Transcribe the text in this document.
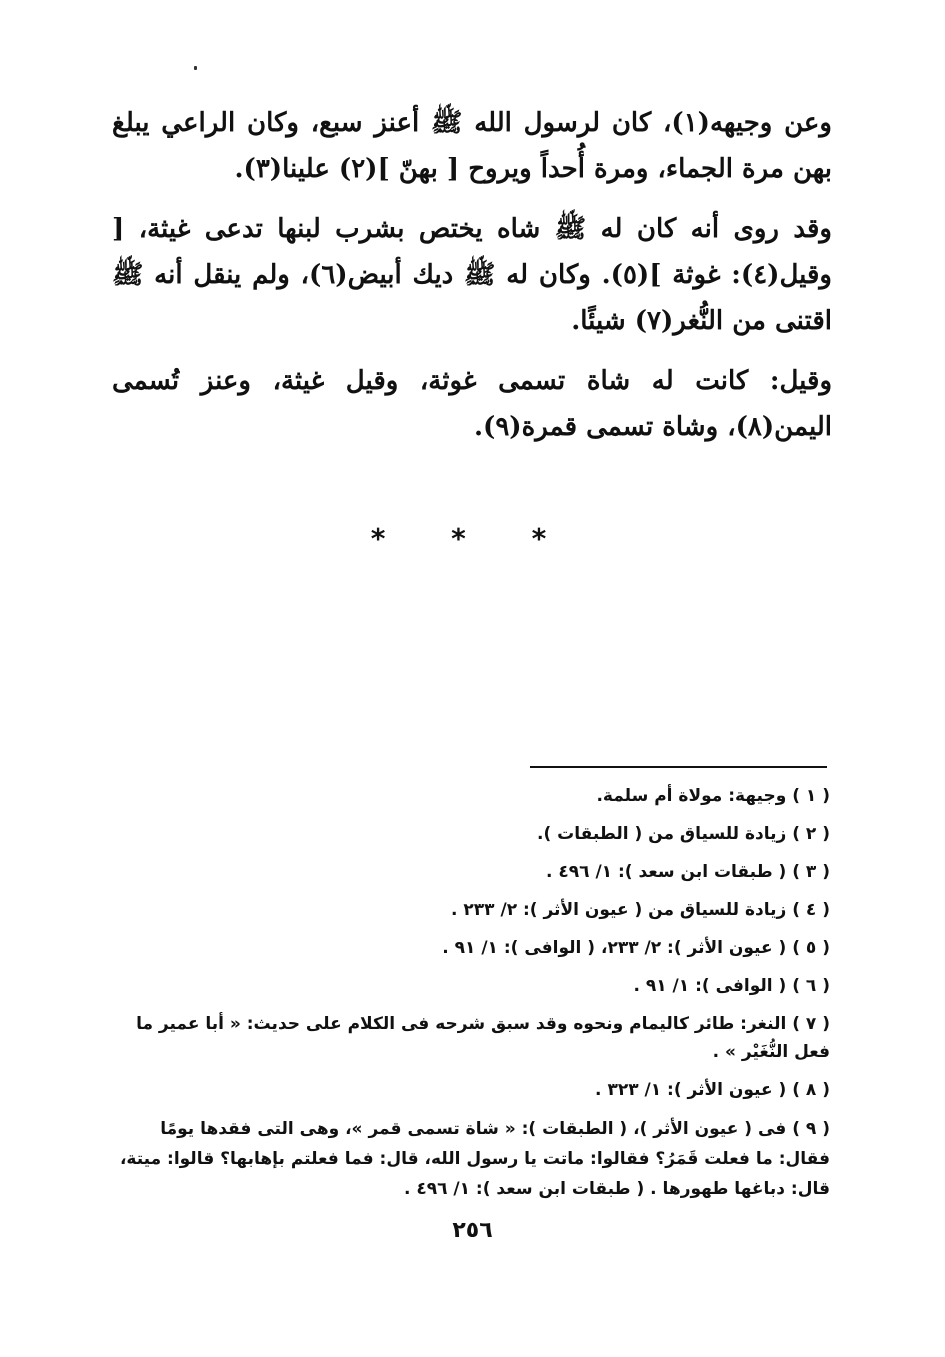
وعن وجيهه(١)، كان لرسول الله ﷺ أعنز سبع، وكان الراعي يبلغ بهن مرة الجماء، ومرة أُحداً ويروح [ بهنّ ](٢) علينا(٣).

وقد روى أنه كان له ﷺ شاه يختص بشرب لبنها تدعى غيثة، [ وقيل(٤): غوثة ](٥). وكان له ﷺ ديك أبيض(٦)، ولم ينقل أنه ﷺ اقتنى من النُّغر(٧) شيئًا.

وقيل: كانت له شاة تسمى غوثة، وقيل غيثة، وعنز تُسمى اليمن(٨)، وشاة تسمى قمرة(٩).

* * *
( ١ ) وجيهة: مولاة أم سلمة.
( ٢ ) زيادة للسياق من ( الطبقات ).
( ٣ ) ( طبقات ابن سعد ): ١/ ٤٩٦ .
( ٤ ) زيادة للسياق من ( عيون الأثر ): ٢/ ٢٣٣ .
( ٥ ) ( عيون الأثر ): ٢/ ٢٣٣، ( الوافى ): ١/ ٩١ .
( ٦ ) ( الوافى ): ١/ ٩١ .
( ٧ ) النغر: طائر كاليمام ونحوه وقد سبق شرحه فى الكلام على حديث: « أبا عمير ما فعل النُّغَيْر » .
( ٨ ) ( عيون الأثر ): ١/ ٣٢٣ .
( ٩ ) فى ( عيون الأثر )، ( الطبقات ): « شاة تسمى قمر »، وهى التى فقدها يومًا فقال: ما فعلت قَمَرُ؟ فقالوا: ماتت يا رسول الله، قال: فما فعلتم بإهابها؟ قالوا: ميتة، قال: دباغها طهورها . ( طبقات ابن سعد ): ١/ ٤٩٦ .
٢٥٦
